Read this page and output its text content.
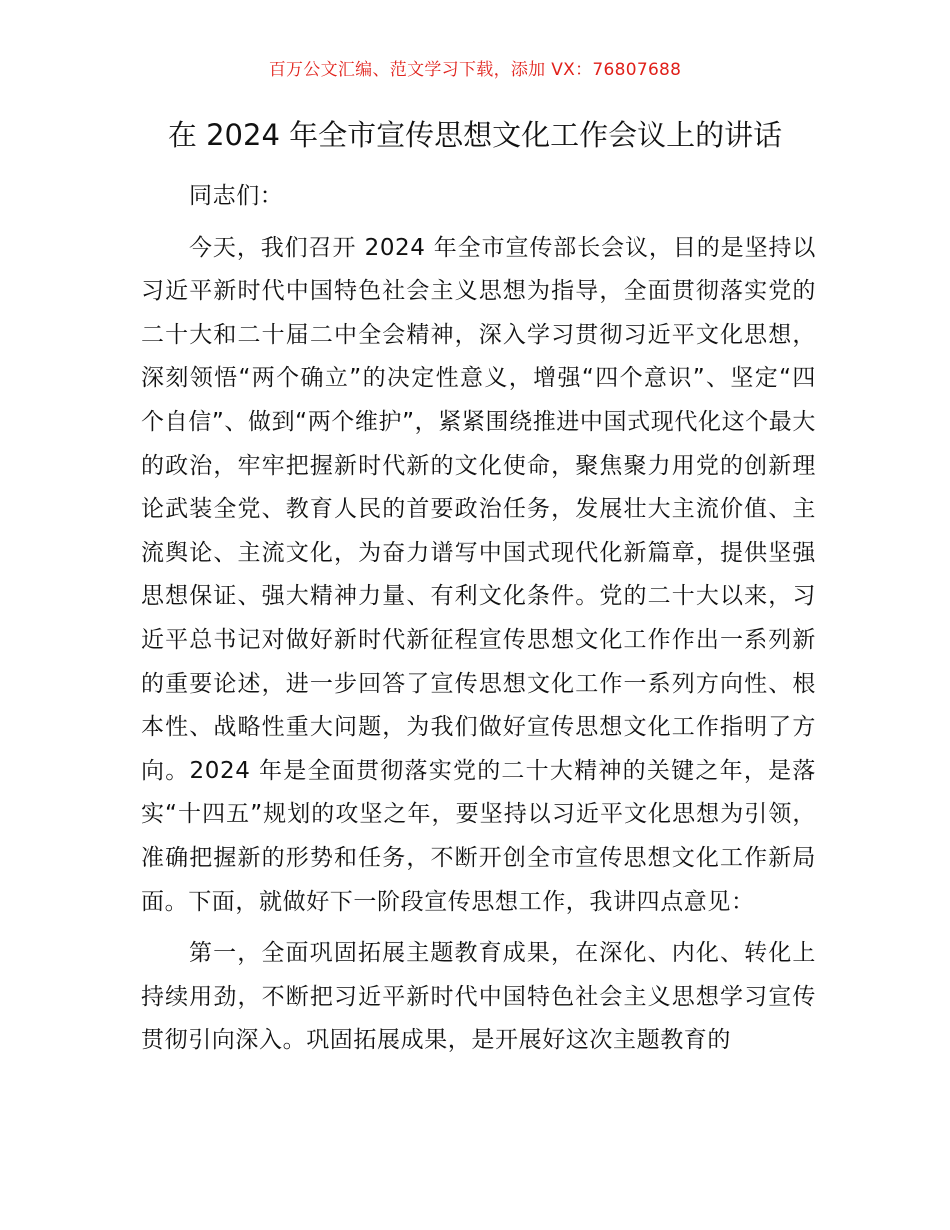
百万公文汇编、范文学习下载，添加 VX：76807688
在 2024 年全市宣传思想文化工作会议上的讲话

同志们：

今天，我们召开 2024 年全市宣传部长会议，目的是坚持以习近平新时代中国特色社会主义思想为指导，全面贯彻落实党的二十大和二十届二中全会精神，深入学习贯彻习近平文化思想，深刻领悟“两个确立”的决定性意义，增强“四个意识”、坚定“四个自信”、做到“两个维护”，紧紧围绕推进中国式现代化这个最大的政治，牢牢把握新时代新的文化使命，聚焦聚力用党的创新理论武装全党、教育人民的首要政治任务，发展壮大主流价值、主流舆论、主流文化，为奋力谱写中国式现代化新篇章，提供坚强思想保证、强大精神力量、有利文化条件。党的二十大以来，习近平总书记对做好新时代新征程宣传思想文化工作作出一系列新的重要论述，进一步回答了宣传思想文化工作一系列方向性、根本性、战略性重大问题，为我们做好宣传思想文化工作指明了方向。2024 年是全面贯彻落实党的二十大精神的关键之年，是落实“十四五”规划的攻坚之年，要坚持以习近平文化思想为引领，准确把握新的形势和任务，不断开创全市宣传思想文化工作新局面。下面，就做好下一阶段宣传思想工作，我讲四点意见：

第一，全面巩固拓展主题教育成果，在深化、内化、转化上持续用劲，不断把习近平新时代中国特色社会主义思想学习宣传贯彻引向深入。巩固拓展成果，是开展好这次主题教育的
